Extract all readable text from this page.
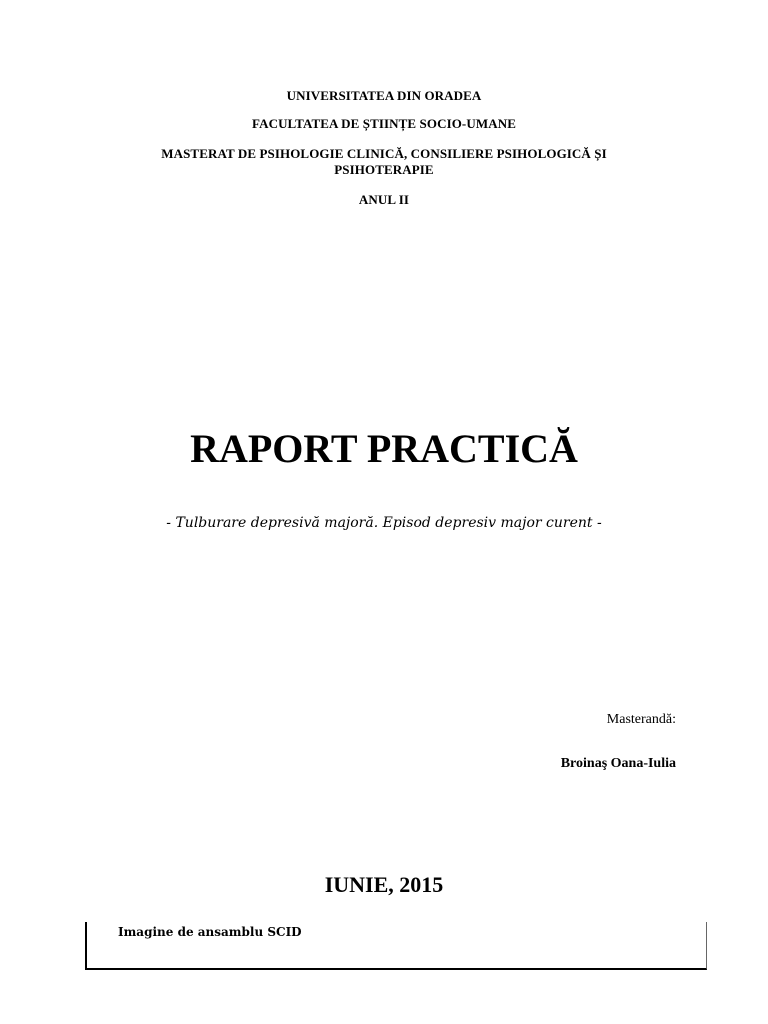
UNIVERSITATEA DIN ORADEA
FACULTATEA DE ȘTIINȚE SOCIO-UMANE
MASTERAT DE PSIHOLOGIE CLINICĂ, CONSILIERE PSIHOLOGICĂ ȘI
PSIHOTERAPIE
ANUL II
RAPORT PRACTICĂ
- Tulburare depresivă majoră. Episod depresiv major curent -
Masterandă:
Broinaş Oana-Iulia
IUNIE, 2015
Imagine de ansamblu SCID
